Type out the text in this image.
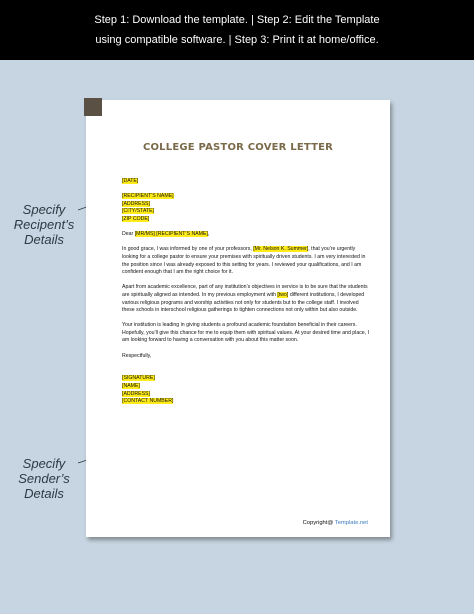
Step 1: Download the template. | Step 2: Edit the Template
using compatible software. | Step 3: Print it at home/office.
Specify
Recipent’s
Details
Specify
Sender’s
Details
COLLEGE PASTOR COVER LETTER
[DATE]
[RECIPIENT’S NAME]
[ADDRESS]
[CITY/STATE]
[ZIP CODE]
Dear [MR/MS] [RECIPIENT’S NAME],
In good grace, I was informed by one of your professors, [Mr. Nelson K. Summer], that you’re urgently looking for a college pastor to ensure your premises with spiritually driven students. I am very interested in the position since I was already exposed to this setting for years. I reviewed your qualifications, and I am confident enough that I am the right choice for it.
Apart from academic excellence, part of any institution’s objectives in service is to be sure that the students are spiritually aligned as intended. In my previous employment with [two] different institutions, I developed various religious programs and worship activities not only for students but to the college staff. I involved these schools in interschool religious gatherings to tighten connections not only within but also outside.
Your institution is leading in giving students a profound academic foundation beneficial in their careers. Hopefully, you’ll give this chance for me to equip them with spiritual values. At your desired time and place, I am looking forward to having a conversation with you about this matter soon.
Respectfully,
[SIGNATURE]
[NAME]
[ADDRESS]
[CONTACT NUMBER]
Copyright@ Template.net
